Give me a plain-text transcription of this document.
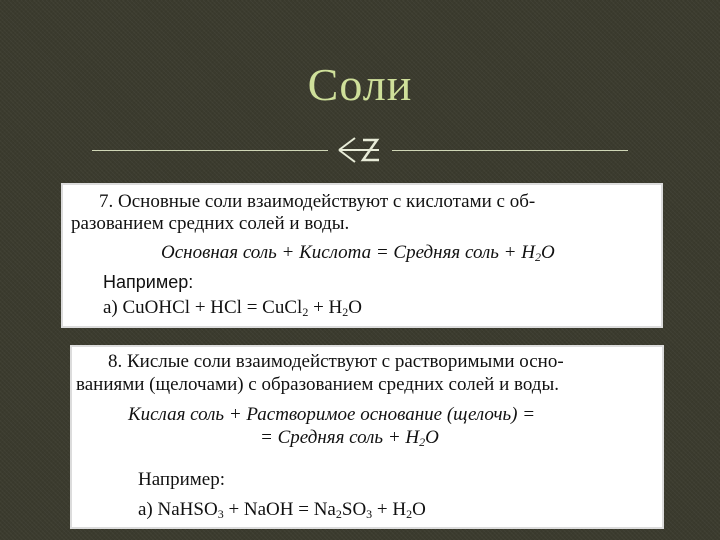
Соли
7. Основные соли взаимодействуют с кислотами с об-
разованием средних солей и воды.
Основная соль + Кислота = Средняя соль + $H_2O$
Например:
а) CuOHCl + HCl = CuCl$_2$ + $H_2O$
8. Кислые соли взаимодействуют с растворимыми осно-
ваниями (щелочами) с образованием средних солей и воды.
Кислая соль + Растворимое основание (щелочь) =
= Средняя соль + $H_2O$
Например:
а) NaHSO$_3$ + NaOH = $Na_2SO_3 + H_2O$
